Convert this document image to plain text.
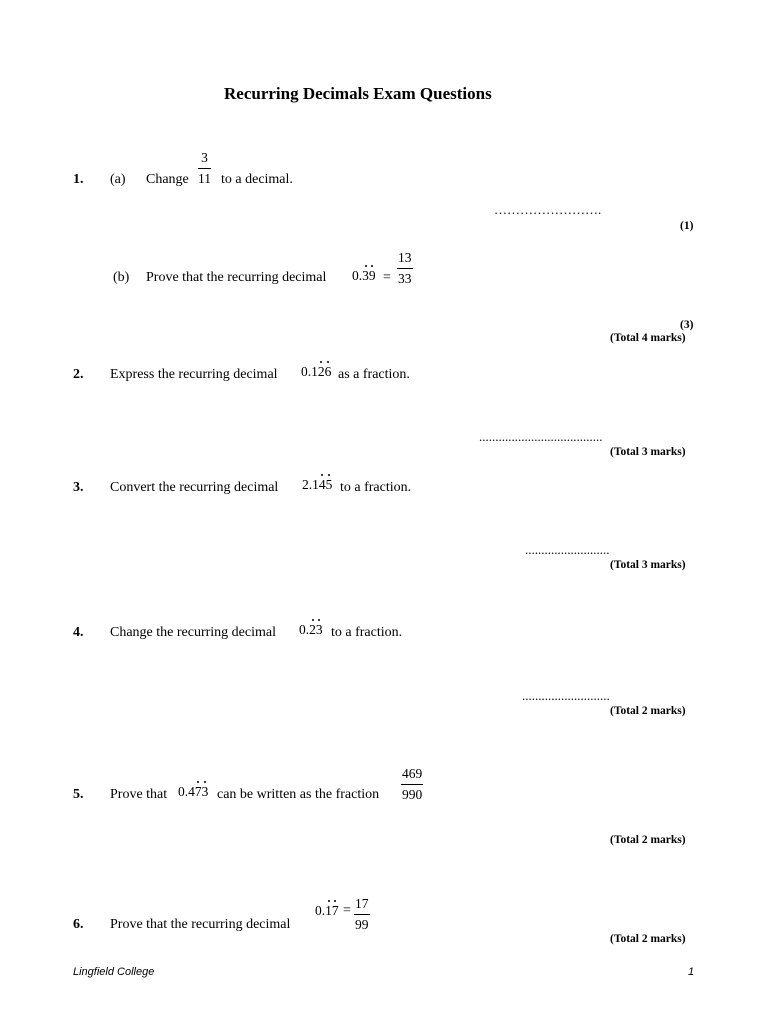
Recurring Decimals Exam Questions
1. (a) Change $\frac{3}{11}$ to a decimal.
…………………….
(1)
(b) Prove that the recurring decimal $0.39 = \frac{13}{33}$
(3)
(Total 4 marks)
2. Express the recurring decimal 0.126 as a fraction.
......................................
(Total 3 marks)
3. Convert the recurring decimal 2.145 to a fraction.
..........................
(Total 3 marks)
4. Change the recurring decimal 0.23 to a fraction.
...........................
(Total 2 marks)
5. Prove that 0.473 can be written as the fraction $\frac{469}{990}$
(Total 2 marks)
6. Prove that the recurring decimal
$0.17 = \frac{17}{99}$
(Total 2 marks)
Lingfield College	1
